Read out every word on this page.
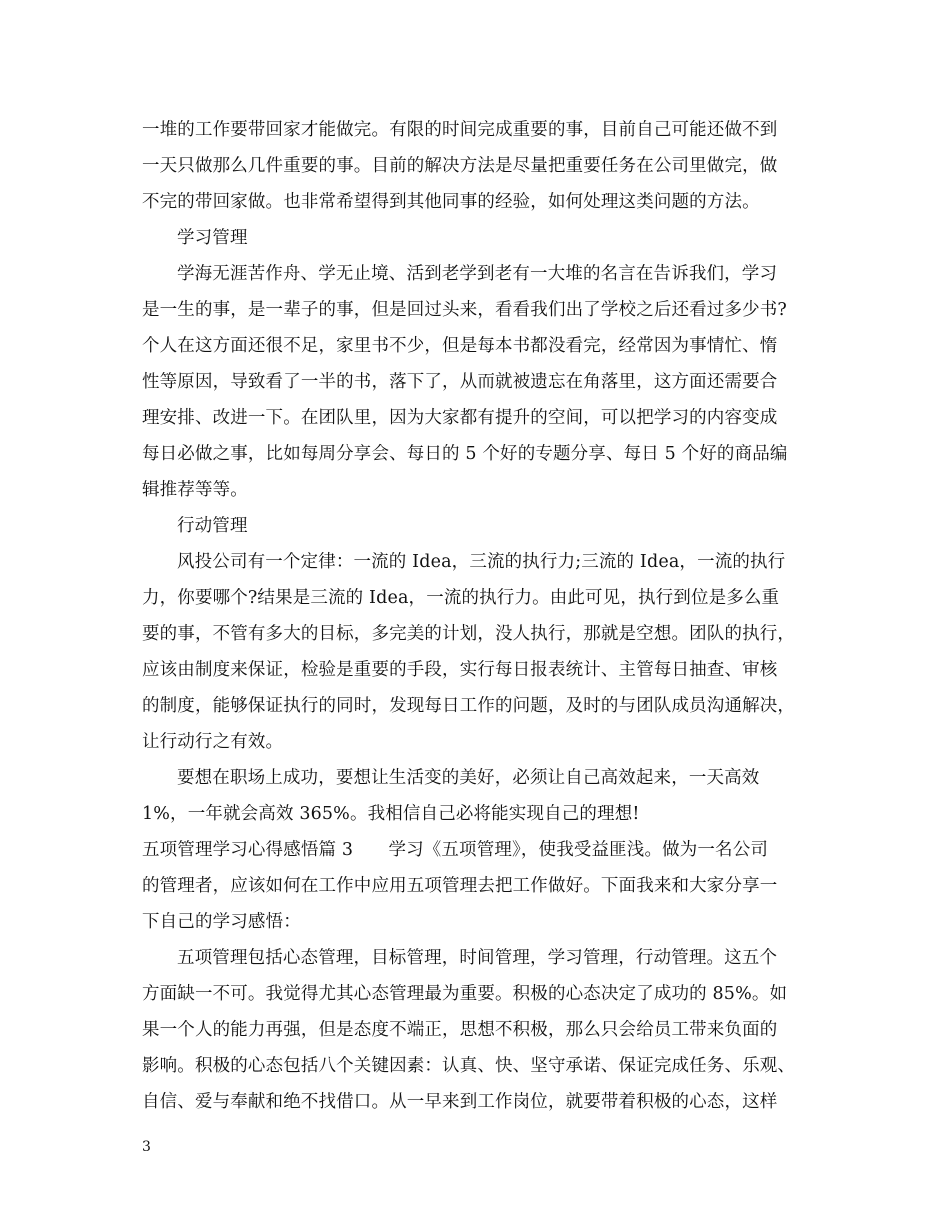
一堆的工作要带回家才能做完。有限的时间完成重要的事，目前自己可能还做不到
一天只做那么几件重要的事。目前的解决方法是尽量把重要任务在公司里做完，做
不完的带回家做。也非常希望得到其他同事的经验，如何处理这类问题的方法。
学习管理
学海无涯苦作舟、学无止境、活到老学到老有一大堆的名言在告诉我们，学习
是一生的事，是一辈子的事，但是回过头来，看看我们出了学校之后还看过多少书?
个人在这方面还很不足，家里书不少，但是每本书都没看完，经常因为事情忙、惰
性等原因，导致看了一半的书，落下了，从而就被遗忘在角落里，这方面还需要合
理安排、改进一下。在团队里，因为大家都有提升的空间，可以把学习的内容变成
每日必做之事，比如每周分享会、每日的 5 个好的专题分享、每日 5 个好的商品编
辑推荐等等。
行动管理
风投公司有一个定律：一流的 Idea，三流的执行力;三流的 Idea，一流的执行
力，你要哪个?结果是三流的 Idea，一流的执行力。由此可见，执行到位是多么重
要的事，不管有多大的目标，多完美的计划，没人执行，那就是空想。团队的执行，
应该由制度来保证，检验是重要的手段，实行每日报表统计、主管每日抽查、审核
的制度，能够保证执行的同时，发现每日工作的问题，及时的与团队成员沟通解决，
让行动行之有效。
要想在职场上成功，要想让生活变的美好，必须让自己高效起来，一天高效
1%，一年就会高效 365%。我相信自己必将能实现自己的理想!
五项管理学习心得感悟篇 3　　学习《五项管理》，使我受益匪浅。做为一名公司
的管理者，应该如何在工作中应用五项管理去把工作做好。下面我来和大家分享一
下自己的学习感悟：
五项管理包括心态管理，目标管理，时间管理，学习管理，行动管理。这五个
方面缺一不可。我觉得尤其心态管理最为重要。积极的心态决定了成功的 85%。如
果一个人的能力再强，但是态度不端正，思想不积极，那么只会给员工带来负面的
影响。积极的心态包括八个关键因素：认真、快、坚守承诺、保证完成任务、乐观、
自信、爱与奉献和绝不找借口。从一早来到工作岗位，就要带着积极的心态，这样
3
